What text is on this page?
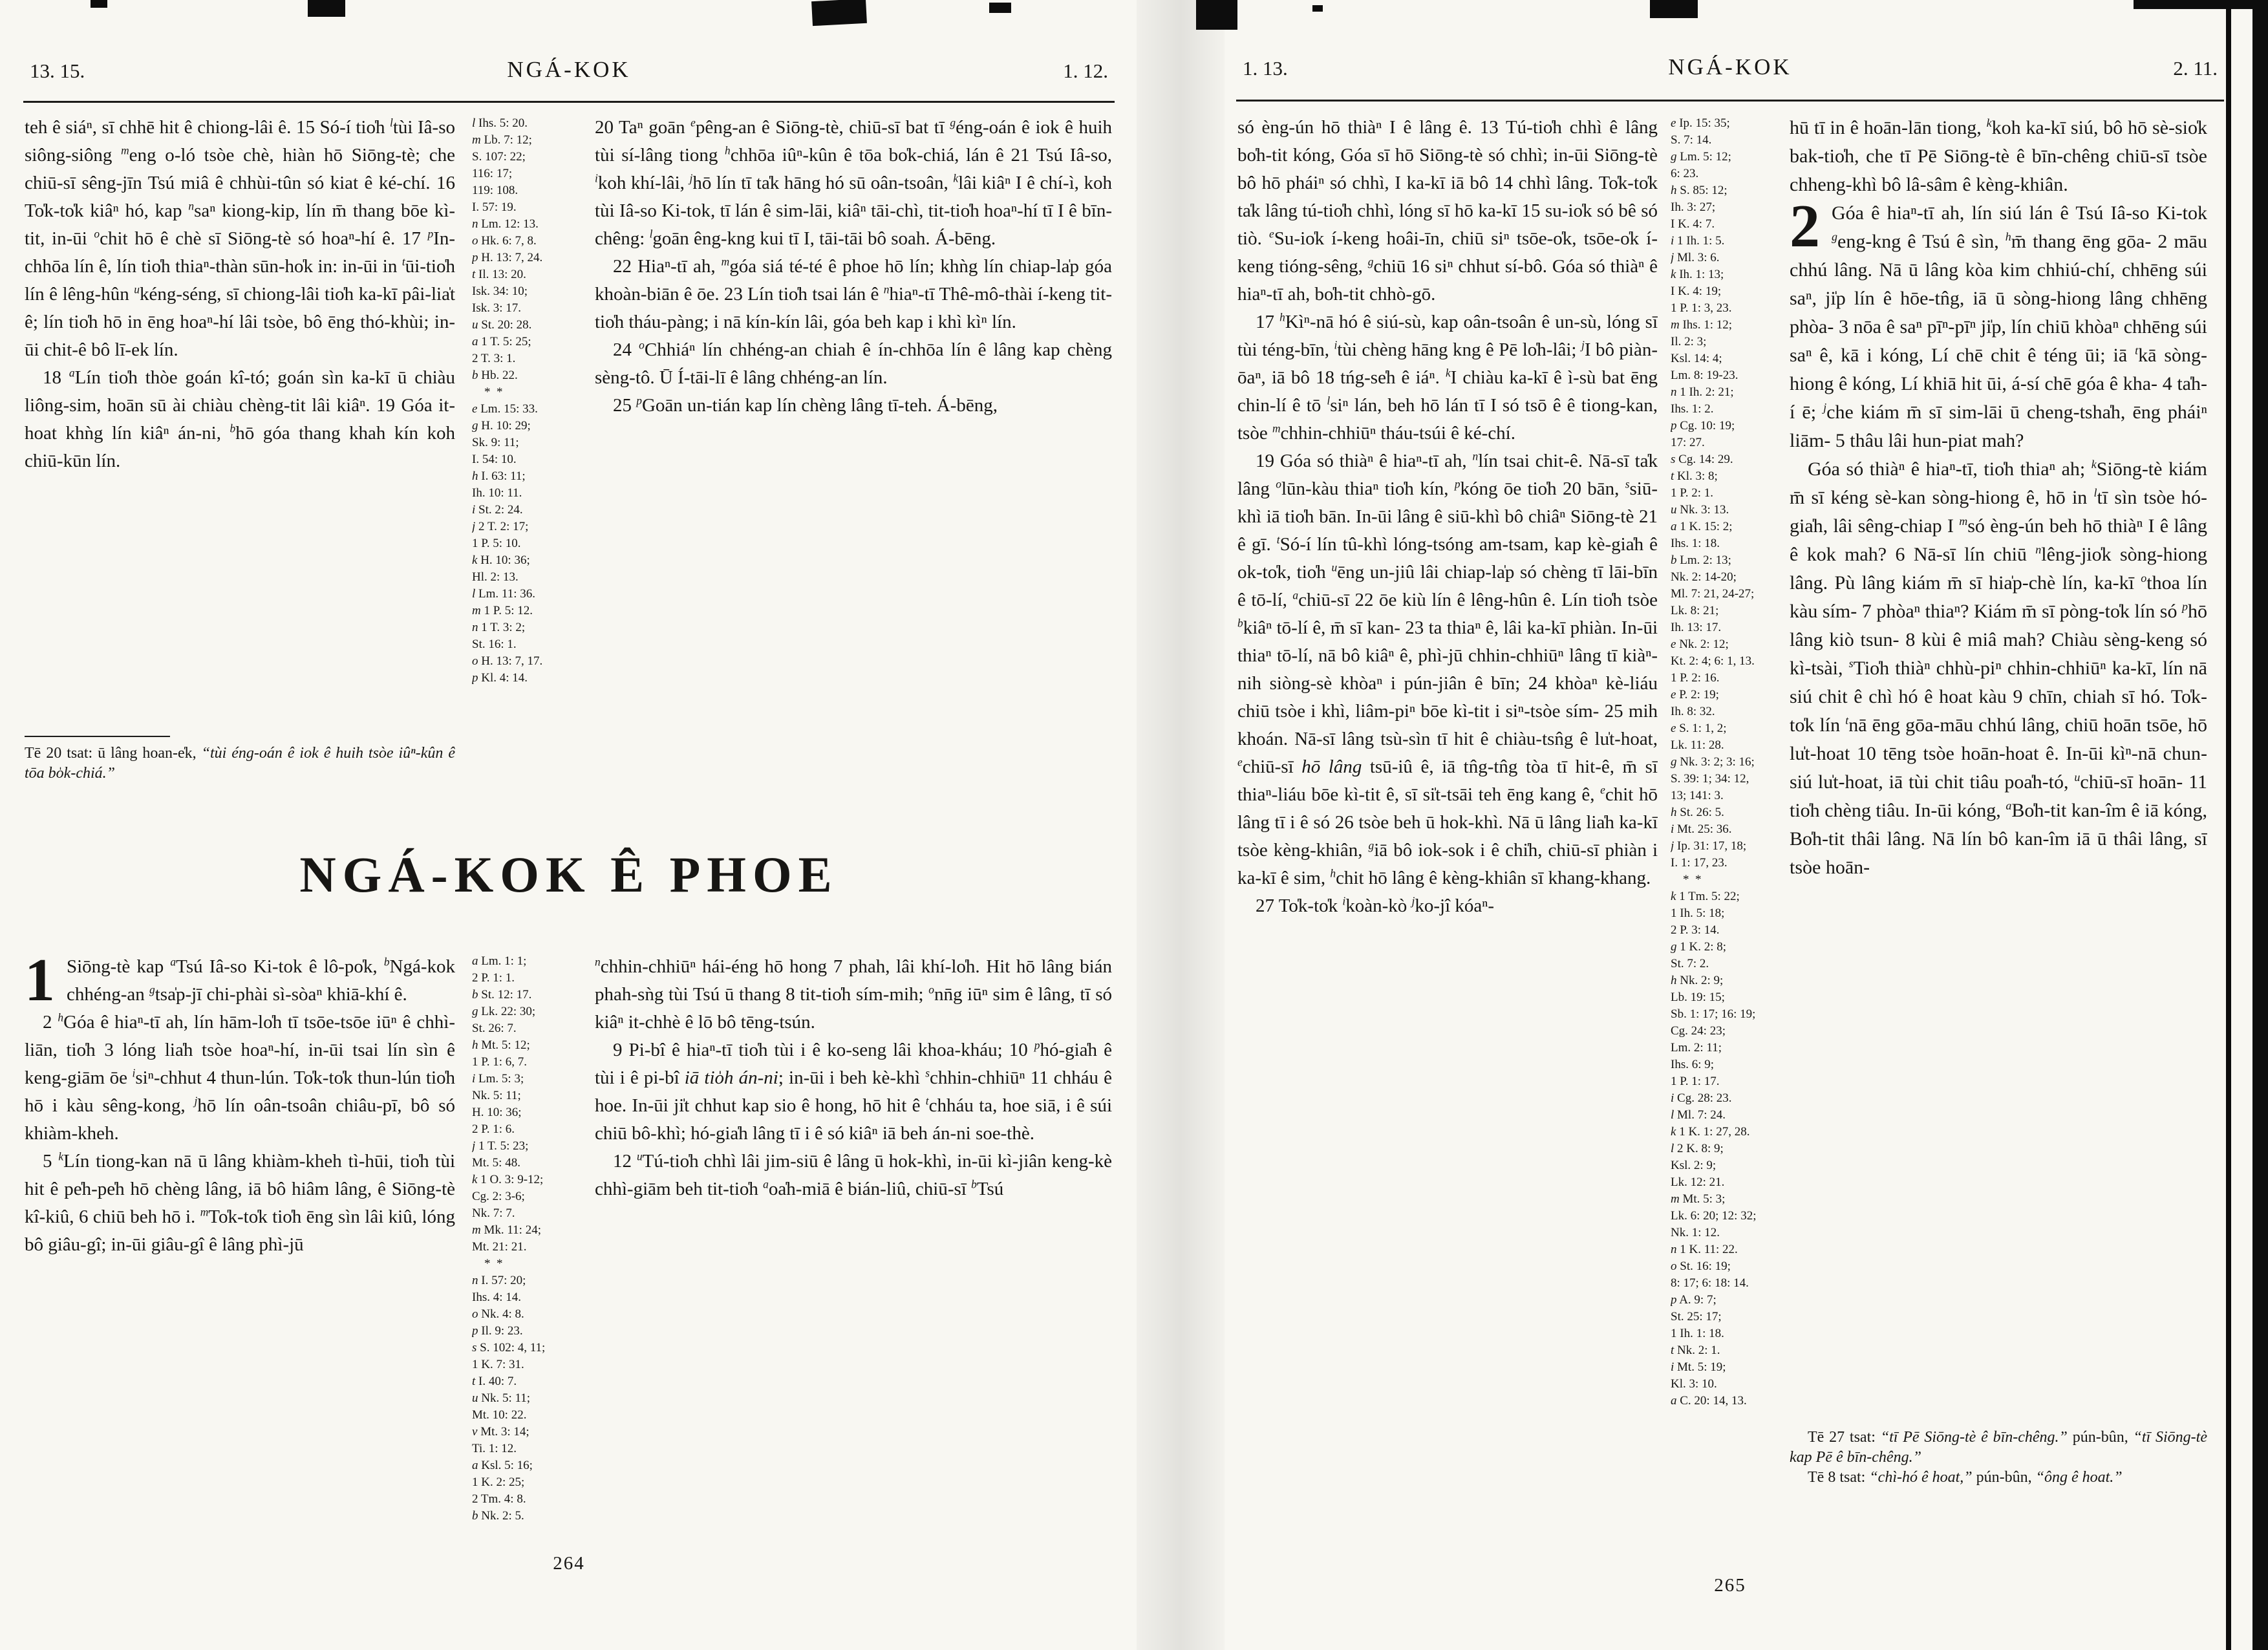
13. 15.	NGÁ-KOK	1. 12.
teh ê siáⁿ, sī chhē hit ê chiong-lâi ê. 15 Só-í tio̍h $^l$tùi Iâ-so siông-siông $^m$eng o-ló tsòe chè, hiàn hō Siōng-tè; che chiū-sī sêng-jīn Tsú miâ ê chhùi-tûn só kiat ê ké-chí. 16 To̍k-to̍k kiâⁿ hó, kap $^n$saⁿ kiong-kip, lín m̄ thang bōe kì-tit, in-ūi $^o$chit hō ê chè sī Siōng-tè só hoaⁿ-hí ê. 17 $^p$In-chhōa lín ê, lín tio̍h thiaⁿ-thàn sūn-ho̍k in: in-ūi in $^t$ūi-tio̍h lín ê lêng-hûn $^u$kéng-séng, sī chiong-lâi tio̍h ka-kī pâi-lia̍t ê; lín tio̍h hō in ēng hoaⁿ-hí lâi tsòe, bô ēng thó-khùi; in-ūi chit-ê bô lī-ek lín.
18 $^a$Lín tio̍h thòe goán kî-tó; goán sìn ka-kī ū chiàu liông-sim, hoān sū ài chiàu chèng-tit lâi kiâⁿ. 19 Góa it-hoat khǹg lín kiâⁿ án-ni, $^b$hō góa thang khah kín koh chiū-kūn lín.
l Ihs. 5: 20.
m Lb. 7: 12;
S. 107: 22;
116: 17;
119: 108.
I. 57: 19.
n Lm. 12: 13.
o Hk. 6: 7, 8.
p H. 13: 7, 24.
t Il. 13: 20.
Isk. 34: 10;
Isk. 3: 17.
u St. 20: 28.
a 1 T. 5: 25;
2 T. 3: 1.
b Hb. 22.
*  *
e Lm. 15: 33.
g H. 10: 29;
Sk. 9: 11;
I. 54: 10.
h I. 63: 11;
Ih. 10: 11.
i St. 2: 24.
j 2 T. 2: 17;
1 P. 5: 10.
k H. 10: 36;
Hl. 2: 13.
l Lm. 11: 36.
m 1 P. 5: 12.
n 1 T. 3: 2;
St. 16: 1.
o H. 13: 7, 17.
p Kl. 4: 14.
20 Taⁿ goān $^e$pêng-an ê Siōng-tè, chiū-sī bat tī $^g$éng-oán ê iok ê huih tùi sí-lâng tiong $^h$chhōa iûⁿ-kûn ê tōa bo̍k-chiá, lán ê 21 Tsú Iâ-so, $^i$koh khí-lâi, $^j$hō lín tī ta̍k hāng hó sū oân-tsoân, $^k$lâi kiâⁿ I ê chí-ì, koh tùi Iâ-so Ki-tok, tī lán ê sim-lāi, kiâⁿ tāi-chì, tit-tio̍h hoaⁿ-hí tī I ê bīn-chêng: $^l$goān êng-kng kui tī I, tāi-tāi bô soah. Á-bēng.
22 Hiaⁿ-tī ah, $^m$góa siá té-té ê phoe hō lín; khǹg lín chiap-la̍p góa khoàn-biān ê ōe. 23 Lín tio̍h tsai lán ê $^n$hiaⁿ-tī Thê-mô-thài í-keng tit-tio̍h tháu-pàng; i nā kín-kín lâi, góa beh kap i khì kìⁿ lín.
24 $^o$Chhiáⁿ lín chhéng-an chiah ê ín-chhōa lín ê lâng kap chèng sèng-tô. Ū Í-tāi-lī ê lâng chhéng-an lín.
25 $^p$Goān un-tián kap lín chèng lâng tī-teh. Á-bēng,
Tē 20 tsat: ū lâng hoan-e̍k, “tùi éng-oán ê iok ê huih tsòe iûⁿ-kûn ê tōa bo̍k-chiá.”
NGÁ-KOK Ê PHOE
1 Siōng-tè kap $^a$Tsú Iâ-so Ki-tok ê lô-po̍k, $^b$Ngá-kok chhéng-an $^g$tsa̍p-jī chi-phài sì-sòaⁿ khiā-khí ê.
2 $^h$Góa ê hiaⁿ-tī ah, lín hām-lo̍h tī tsōe-tsōe iūⁿ ê chhì-liān, tio̍h 3 lóng lia̍h tsòe hoaⁿ-hí, in-ūi tsai lín sìn ê keng-giām ōe $^i$siⁿ-chhut 4 thun-lún. To̍k-to̍k thun-lún tio̍h hō i kàu sêng-kong, $^j$hō lín oân-tsoân chiâu-pī, bô só khiàm-kheh.
5 $^k$Lín tiong-kan nā ū lâng khiàm-kheh tì-hūi, tio̍h tùi hit ê pe̍h-pe̍h hō chèng lâng, iā bô hiâm lâng, ê Siōng-tè kî-kiû, 6 chiū beh hō i. $^m$To̍k-to̍k tio̍h ēng sìn lâi kiû, lóng bô giâu-gî; in-ūi giâu-gî ê lâng phì-jū
a Lm. 1: 1;
2 P. 1: 1.
b St. 12: 17.
g Lk. 22: 30;
St. 26: 7.
h Mt. 5: 12;
1 P. 1: 6, 7.
i Lm. 5: 3;
Nk. 5: 11;
H. 10: 36;
2 P. 1: 6.
j 1 T. 5: 23;
Mt. 5: 48.
k 1 O. 3: 9-12;
Cg. 2: 3-6;
Nk. 7: 7.
m Mk. 11: 24;
Mt. 21: 21.
*  *
n I. 57: 20;
Ihs. 4: 14.
o Nk. 4: 8.
p Il. 9: 23.
s S. 102: 4, 11;
1 K. 7: 31.
t I. 40: 7.
u Nk. 5: 11;
Mt. 10: 22.
v Mt. 3: 14;
Ti. 1: 12.
a Ksl. 5: 16;
1 K. 2: 25;
2 Tm. 4: 8.
b Nk. 2: 5.
$^n$chhin-chhiūⁿ hái-éng hō hong 7 phah, lâi khí-lo̍h. Hit hō lâng bián phah-sǹg tùi Tsú ū thang 8 tit-tio̍h sím-mih; $^o$nn̄g iūⁿ sim ê lâng, tī só kiâⁿ it-chhè ê lō bô tēng-tsún.
9 Pi-bî ê hiaⁿ-tī tio̍h tùi i ê ko-seng lâi khoa-kháu; 10 $^p$hó-gia̍h ê tùi i ê pi-bî iā tio̍h án-ni; in-ūi i beh kè-khì $^s$chhin-chhiūⁿ 11 chháu ê hoe. In-ūi ji̍t chhut kap sio ê hong, hō hit ê $^t$chháu ta, hoe siā, i ê súi chiū bô-khì; hó-gia̍h lâng tī i ê só kiâⁿ iā beh án-ni soe-thè.
12 $^u$Tú-tio̍h chhì lâi jim-siū ê lâng ū hok-khì, in-ūi kì-jiân keng-kè chhì-giām beh tit-tio̍h $^a$oa̍h-miā ê bián-liû, chiū-sī $^b$Tsú
264
1. 13.	NGÁ-KOK	2. 11.
só èng-ún hō thiàⁿ I ê lâng ê. 13 Tú-tio̍h chhì ê lâng bo̍h-tit kóng, Góa sī hō Siōng-tè só chhì; in-ūi Siōng-tè bô hō pháiⁿ só chhì, I ka-kī iā bô 14 chhì lâng. To̍k-to̍k ta̍k lâng tú-tio̍h chhì, lóng sī hō ka-kī 15 su-io̍k só bê só tiò. $^e$Su-io̍k í-keng hoâi-īn, chiū siⁿ tsōe-o̍k, tsōe-o̍k í-keng tióng-sêng, $^g$chiū 16 siⁿ chhut sí-bô. Góa só thiàⁿ ê hiaⁿ-tī ah, bo̍h-tit chhò-gō.
17 $^h$Kìⁿ-nā hó ê siú-sù, kap oân-tsoân ê un-sù, lóng sī tùi téng-bīn, $^i$tùi chèng hāng kng ê Pē lo̍h-lâi; $^j$I bô piàn-ōaⁿ, iā bô 18 tńg-se̍h ê iáⁿ. $^k$I chiàu ka-kī ê ì-sù bat ēng chin-lí ê tō $^l$siⁿ lán, beh hō lán tī I só tsō ê ê tiong-kan, tsòe $^m$chhin-chhiūⁿ tháu-tsúi ê ké-chí.
19 Góa só thiàⁿ ê hiaⁿ-tī ah, $^n$lín tsai chit-ê. Nā-sī ta̍k lâng $^o$lūn-kàu thiaⁿ tio̍h kín, $^p$kóng ōe tio̍h 20 bān, $^s$siū-khì iā tio̍h bān. In-ūi lâng ê siū-khì bô chiâⁿ Siōng-tè 21 ê gī. $^t$Só-í lín tû-khì lóng-tsóng am-tsam, kap kè-gia̍h ê ok-to̍k, tio̍h $^u$ēng un-jiû lâi chiap-la̍p só chèng tī lāi-bīn ê tō-lí, $^a$chiū-sī 22 ōe kiù lín ê lêng-hûn ê. Lín tio̍h tsòe $^b$kiâⁿ tō-lí ê, m̄ sī kan- 23 ta thiaⁿ ê, lâi ka-kī phiàn. In-ūi thiaⁿ tō-lí, nā bô kiâⁿ ê, phì-jū chhin-chhiūⁿ lâng tī kiàⁿ-nih siòng-sè khòaⁿ i pún-jiân ê bīn; 24 khòaⁿ kè-liáu chiū tsòe i khì, liâm-piⁿ bōe kì-tit i siⁿ-tsòe sím- 25 mih khoán. Nā-sī lâng tsù-sìn tī hit ê chiàu-tsn̂g ê lu̍t-hoat, $^e$chiū-sī hō lâng tsū-iû ê, iā tn̂g-tn̂g tòa tī hit-ê, m̄ sī thiaⁿ-liáu bōe kì-tit ê, sī si̍t-tsāi teh ēng kang ê, $^e$chit hō lâng tī i ê só 26 tsòe beh ū hok-khì. Nā ū lâng lia̍h ka-kī tsòe kèng-khiân, $^g$iā bô iok-sok i ê chi̍h, chiū-sī phiàn i ka-kī ê sim, $^h$chit hō lâng ê kèng-khiân sī khang-khang.
27 To̍k-to̍k $^i$koàn-kò $^j$ko-jî kóaⁿ-
e Ip. 15: 35;
S. 7: 14.
g Lm. 5: 12;
6: 23.
h S. 85: 12;
Ih. 3: 27;
I K. 4: 7.
i 1 Ih. 1: 5.
j Ml. 3: 6.
k Ih. 1: 13;
I K. 4: 19;
1 P. 1: 3, 23.
m Ihs. 1: 12;
Il. 2: 3;
Ksl. 14: 4;
Lm. 8: 19-23.
n 1 Ih. 2: 21;
Ihs. 1: 2.
p Cg. 10: 19;
17: 27.
s Cg. 14: 29.
t Kl. 3: 8;
1 P. 2: 1.
u Nk. 3: 13.
a 1 K. 15: 2;
Ihs. 1: 18.
b Lm. 2: 13;
Nk. 2: 14-20;
Ml. 7: 21, 24-27;
Lk. 8: 21;
Ih. 13: 17.
e Nk. 2: 12;
Kt. 2: 4; 6: 1, 13.
1 P. 2: 16.
e P. 2: 19;
Ih. 8: 32.
e S. 1: 1, 2;
Lk. 11: 28.
g Nk. 3: 2; 3: 16;
S. 39: 1; 34: 12,
13; 141: 3.
h St. 26: 5.
i Mt. 25: 36.
j Ip. 31: 17, 18;
I. 1: 17, 23.
*  *
k 1 Tm. 5: 22;
1 Ih. 5: 18;
2 P. 3: 14.
g 1 K. 2: 8;
St. 7: 2.
h Nk. 2: 9;
Lb. 19: 15;
Sb. 1: 17; 16: 19;
Cg. 24: 23;
Lm. 2: 11;
Ihs. 6: 9;
1 P. 1: 17.
i Cg. 28: 23.
l Ml. 7: 24.
k 1 K. 1: 27, 28.
l 2 K. 8: 9;
Ksl. 2: 9;
Lk. 12: 21.
m Mt. 5: 3;
Lk. 6: 20; 12: 32;
Nk. 1: 12.
n 1 K. 11: 22.
o St. 16: 19;
8: 17; 6: 18: 14.
p A. 9: 7;
St. 25: 17;
1 Ih. 1: 18.
t Nk. 2: 1.
i Mt. 5: 19;
Kl. 3: 10.
a C. 20: 14, 13.
hū tī in ê hoān-lān tiong, $^k$koh ka-kī siú, bô hō sè-sio̍k bak-tio̍h, che tī Pē Siōng-tè ê bīn-chêng chiū-sī tsòe chheng-khì bô lâ-sâm ê kèng-khiân.
2 Góa ê hiaⁿ-tī ah, lín siú lán ê Tsú Iâ-so Ki-tok $^g$eng-kng ê Tsú ê sìn, $^h$m̄ thang ēng gōa- 2 māu chhú lâng. Nā ū lâng kòa kim chhiú-chí, chhēng súi saⁿ, ji̍p lín ê hōe-tn̂g, iā ū sòng-hiong lâng chhēng phòa- 3 nōa ê saⁿ pīⁿ-pīⁿ ji̍p, lín chiū khòaⁿ chhēng súi saⁿ ê, kā i kóng, Lí chē chit ê téng ūi; iā $^t$kā sòng-hiong ê kóng, Lí khiā hit ūi, á-sí chē góa ê kha- 4 ta̍h-í ē; $^j$che kiám m̄ sī sim-lāi ū cheng-tsha̍h, ēng pháiⁿ liām- 5 thâu lâi hun-piat mah?
Góa só thiàⁿ ê hiaⁿ-tī, tio̍h thiaⁿ ah; $^k$Siōng-tè kiám m̄ sī kéng sè-kan sòng-hiong ê, hō in $^l$tī sìn tsòe hó-gia̍h, lâi sêng-chiap I $^m$só èng-ún beh hō thiàⁿ I ê lâng ê kok mah? 6 Nā-sī lín chiū $^n$lêng-jio̍k sòng-hiong lâng. Pù lâng kiám m̄ sī hia̍p-chè lín, ka-kī $^o$thoa lín kàu sím- 7 phòaⁿ thiaⁿ? Kiám m̄ sī pòng-to̍k lín só $^p$hō lâng kiò tsun- 8 kùi ê miâ mah? Chiàu sèng-keng só kì-tsài, $^s$Tio̍h thiàⁿ chhù-piⁿ chhin-chhiūⁿ ka-kī, lín nā siú chit ê chì hó ê hoat kàu 9 chīn, chiah sī hó. To̍k-to̍k lín $^t$nā ēng gōa-māu chhú lâng, chiū hoān tsōe, hō lu̍t-hoat 10 tēng tsòe hoān-hoat ê. In-ūi kìⁿ-nā chun-siú lu̍t-hoat, iā tùi chit tiâu poa̍h-tó, $^u$chiū-sī hoān- 11 tio̍h chèng tiâu. In-ūi kóng, $^a$Bo̍h-tit kan-îm ê iā kóng, Bo̍h-tit thâi lâng. Nā lín bô kan-îm iā ū thâi lâng, sī tsòe hoān-
Tē 27 tsat: “tī Pē Siōng-tè ê bīn-chêng.” pún-bûn, “tī Siōng-tè kap Pē ê bīn-chêng.”
Tē 8 tsat: “chì-hó ê hoat,” pún-bûn, “ông ê hoat.”
265
